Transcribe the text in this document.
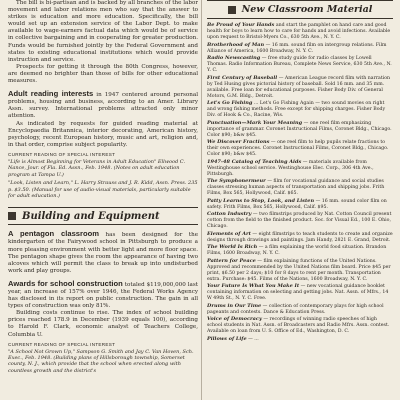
The bill is bi-partisan and is backed by all branches of the labor movement and labor relations men who say that the answer to strikes is education and more education. Specifically, the bill would set up an extension service of the Labor Dept. to make available to wage-earners factual data which would be of service in collective bargaining and in cooperating for greater production. Funds would be furnished jointly by the Federal Government and states to existing educational institutions which would provide instruction and service.

Prospects for getting it through the 80th Congress, however, are deemed no brighter than those of bills for other educational measures.

Adult reading interests in 1947 centered around personal problems, housing and business, according to an Amer. Library Assn. survey. International problems attracted only minor attention.

As indicated by requests for guided reading material at Encyclopaedia Britannica, interior decorating, American history, psychology, recent European history, music and art, religion and, in that order, comprise subject popularity.

CURRENT READING OF SPECIAL INTEREST

"Life is Almost Beginning for Veterans in Adult Education" Ellwood C. Nance, Jour. of Fla. Ed. Assn., Feb. 1948. (Notes on adult education program at Tampa U.)

"Look, Listen and Learn," L. Harry Strauss and J. R. Kidd, Assn. Press. 235 p. $3.50. (Manual for use of audio-visual materials, particularly suitable for adult education.)

Building and Equipment

A pentagon classroom has been designed for the kindergarten of the Fairywood school in Pittsburgh to produce a more pleasing environment with better light and more floor space. The pentagon shape gives the room the appearance of having two alcoves which will permit the class to break up into undisturbed work and play groups.

Awards for school construction totaled $119,000,000 last year, an increase of 157% over 1946, the Federal Works Agency has disclosed in its report on public construction. The gain in all types of construction was only 81%.

Building costs continue to rise. The index of school building prices reached 178.9 in December (1939 equals 100), according to Harold F. Clark, economic analyst of Teachers College, Columbia U.

CURRENT READING OF SPECIAL INTEREST

"A School Not Grown Up," Sampson G. Smith and Jay C. Van Hoven, Sch. Exec., Feb. 1948. (Building plans of Hillsborough township, Somerset county, N. J., which provide that the school when erected along with countless growth and the district's

New Classroom Material

Be Proud of Your Hands and start the pamphlet on hand care and good health for boys to learn how to care for hands and avoid infections. Available upon request to Bristol-Myers Co., 630 5th Ave., N. Y. C.

Brotherhood of Man — 16 mm. sound film on intergroup relations. Film Alliance of America, 1600 Broadway, N. Y. C.

Radio Newscasting — free study guide for radio classes by Lowell Thomas. Radio Information Bureau, Complete News Service, 630 5th Ave., N. Y. C.

First Century of Baseball — American League record film with narration by Ted Husing gives pictorial history of baseball. Sold 16 mm. and 35 mm. available. Free loan for educational purposes. Fisher Body Div. of General Motors, G.M. Bldg., Detroit.

Let's Go Fishing ... Let's Go Fishing Again — two sound movies on right and wrong fishing methods. Free except for shipping charges. Fisher Body Div. of Hook & Co., Racine, Wis.

Punctuation—Mark Your Meaning — one reel film emphasizing importance of grammar. Coronet Instructional Films, Coronet Bldg., Chicago. Color $90; b&w $45.

We Discover Fractions — one reel film to help pupils relate fractions to their own experiences. Coronet Instructional Films, Coronet Bldg., Chicago. Color $90; b&w $45.

1947-48 Catalog of Teaching Aids — materials available from Westinghouse school service. Westinghouse Elec. Corp., 306 4th Ave., Pittsburgh.

The Symphonermeur — film for vocational guidance and social studies classes stressing human aspects of transportation and shipping jobs. Frith Films, Box 565, Hollywood, Calif. $65.

Patty Learns to Stop, Look, and Listen — 16 mm. sound color film on safety. Frith Films, Box 565, Hollywood, Calif. $95.

Cotton Industry — two filmstrips produced by Nat. Cotton Council present cotton from the field to the finished product. Soc. for Visual Ed., 100 E. Ohio, Chicago.

Elements of Art — eight filmstrips to teach students to create and organize designs through drawings and paintings. Jam Handy, 2821 E. Grand, Detroit.

The World Is Rich — a film explaining the world food situation. Brandon Films, 1600 Broadway, N. Y. C.

Pattern for Peace — film explaining functions of the United Nations. Approved and recommended by the United Nations film board. Price $45 per print, $6.50 per 2 days; $10 for 8 days to rent per month. Transportation extra. Purchase: $45. Films of the Nations, 1600 Broadway, N. Y. C.

Your Future Is What You Make It — new vocational guidance booklet containing information on selecting and getting jobs. Nat. Assn. of Mfrs., 14 W 49th St., N. Y. C. Free.

Drums in Our Time — collection of contemporary plays for high school pageants and contests. Dance & Education Press.

Voice of Democracy — recordings of winning radio speeches of high school students in Nat. Assn. of Broadcasters and Radio Mfrs. Assn. contest. Available on loan from U. S. Office of Ed., Washington, D. C.

Pillows of Life — ...
